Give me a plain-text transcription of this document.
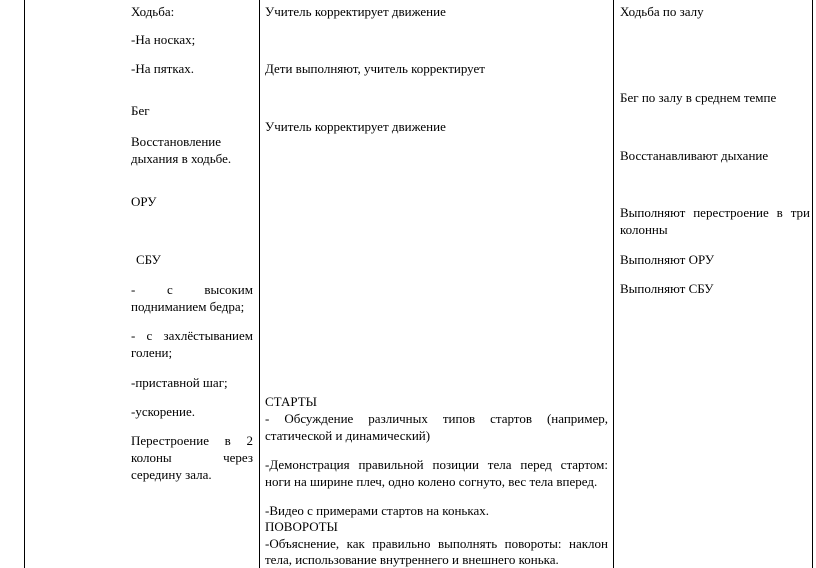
Ходьба:

-На носках;

-На пятках.

Бег

Восстановление

дыхания в ходьбе.

ОРУ

СБУ

- с высоким

подниманием бедра;

- с захлёстыванием

голени;

-приставной шаг;

-ускорение.

Перестроение в 2

колоны через

середину зала.

Учитель корректирует движение

Дети выполняют, учитель корректирует

Учитель корректирует движение

СТАРТЫ

- Обсуждение различных типов стартов (например,

статической и динамический)

-Демонстрация правильной позиции тела перед стартом:

ноги на ширине плеч, одно колено согнуто, вес тела вперед.

-Видео с примерами стартов на коньках.

ПОВОРОТЫ

-Объяснение, как правильно выполнять повороты: наклон

тела, использование внутреннего и внешнего конька.

Ходьба по залу

Бег по залу в среднем темпе

Восстанавливают дыхание

Выполняют перестроение в три

колонны

Выполняют ОРУ

Выполняют СБУ
